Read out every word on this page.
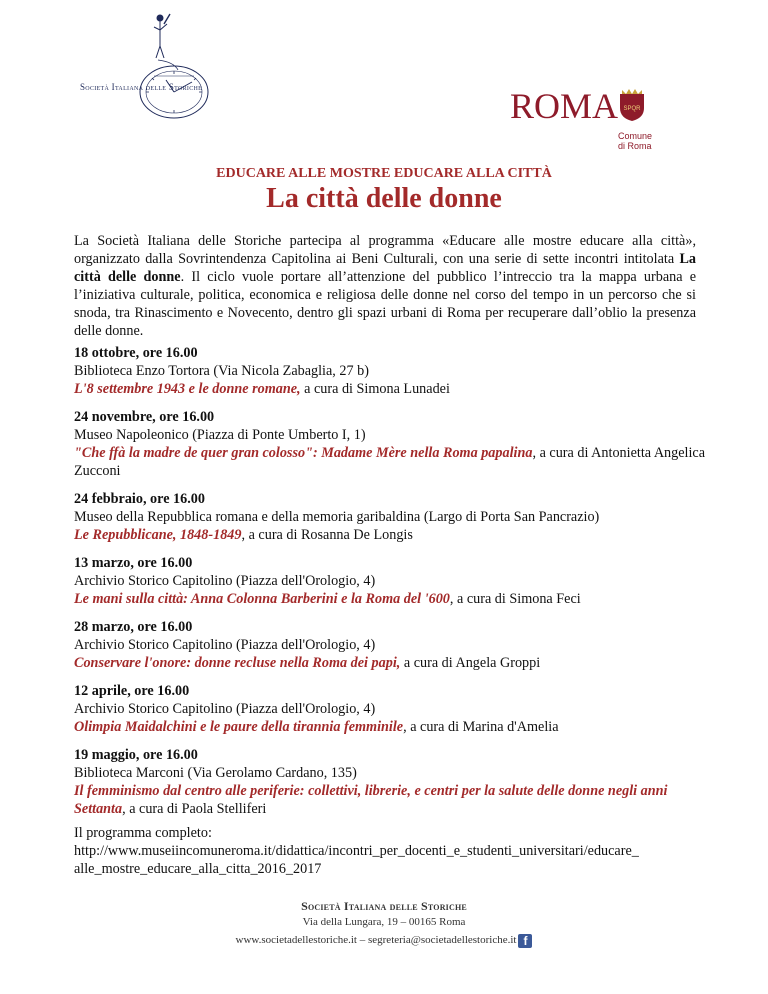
Società Italiana delle Storiche	ROMA SPQR
Comune di Roma
EDUCARE ALLE MOSTRE EDUCARE ALLA CITTÀ
La città delle donne
La Società Italiana delle Storiche partecipa al programma «Educare alle mostre educare alla città», organizzato dalla Sovrintendenza Capitolina ai Beni Culturali, con una serie di sette incontri intitolata La città delle donne. Il ciclo vuole portare all’attenzione del pubblico l’intreccio tra la mappa urbana e l’iniziativa culturale, politica, economica e religiosa delle donne nel corso del tempo in un percorso che si snoda, tra Rinascimento e Novecento, dentro gli spazi urbani di Roma per recuperare dall’oblio la presenza delle donne.
18 ottobre, ore 16.00
Biblioteca Enzo Tortora (Via Nicola Zabaglia, 27 b)
L'8 settembre 1943 e le donne romane, a cura di Simona Lunadei
24 novembre, ore 16.00
Museo Napoleonico (Piazza di Ponte Umberto I, 1)
"Che ffà la madre de quer gran colosso": Madame Mère nella Roma papalina, a cura di Antonietta Angelica Zucconi
24 febbraio, ore 16.00
Museo della Repubblica romana e della memoria garibaldina (Largo di Porta San Pancrazio)
Le Repubblicane, 1848-1849, a cura di Rosanna De Longis
13 marzo, ore 16.00
Archivio Storico Capitolino (Piazza dell'Orologio, 4)
Le mani sulla città: Anna Colonna Barberini e la Roma del '600, a cura di Simona Feci
28 marzo, ore 16.00
Archivio Storico Capitolino (Piazza dell'Orologio, 4)
Conservare l'onore: donne recluse nella Roma dei papi, a cura di Angela Groppi
12 aprile, ore 16.00
Archivio Storico Capitolino (Piazza dell'Orologio, 4)
Olimpia Maidalchini e le paure della tirannia femminile, a cura di Marina d'Amelia
19 maggio, ore 16.00
Biblioteca Marconi (Via Gerolamo Cardano, 135)
Il femminismo dal centro alle periferie: collettivi, librerie, e centri per la salute delle donne negli anni Settanta, a cura di Paola Stelliferi
Il programma completo:
http://www.museiincomuneroma.it/didattica/incontri_per_docenti_e_studenti_universitari/educare_
alle_mostre_educare_alla_citta_2016_2017
Società Italiana delle Storiche
Via della Lungara, 19 – 00165 Roma
www.societadellestoriche.it – segreteria@societadellestoriche.it f
